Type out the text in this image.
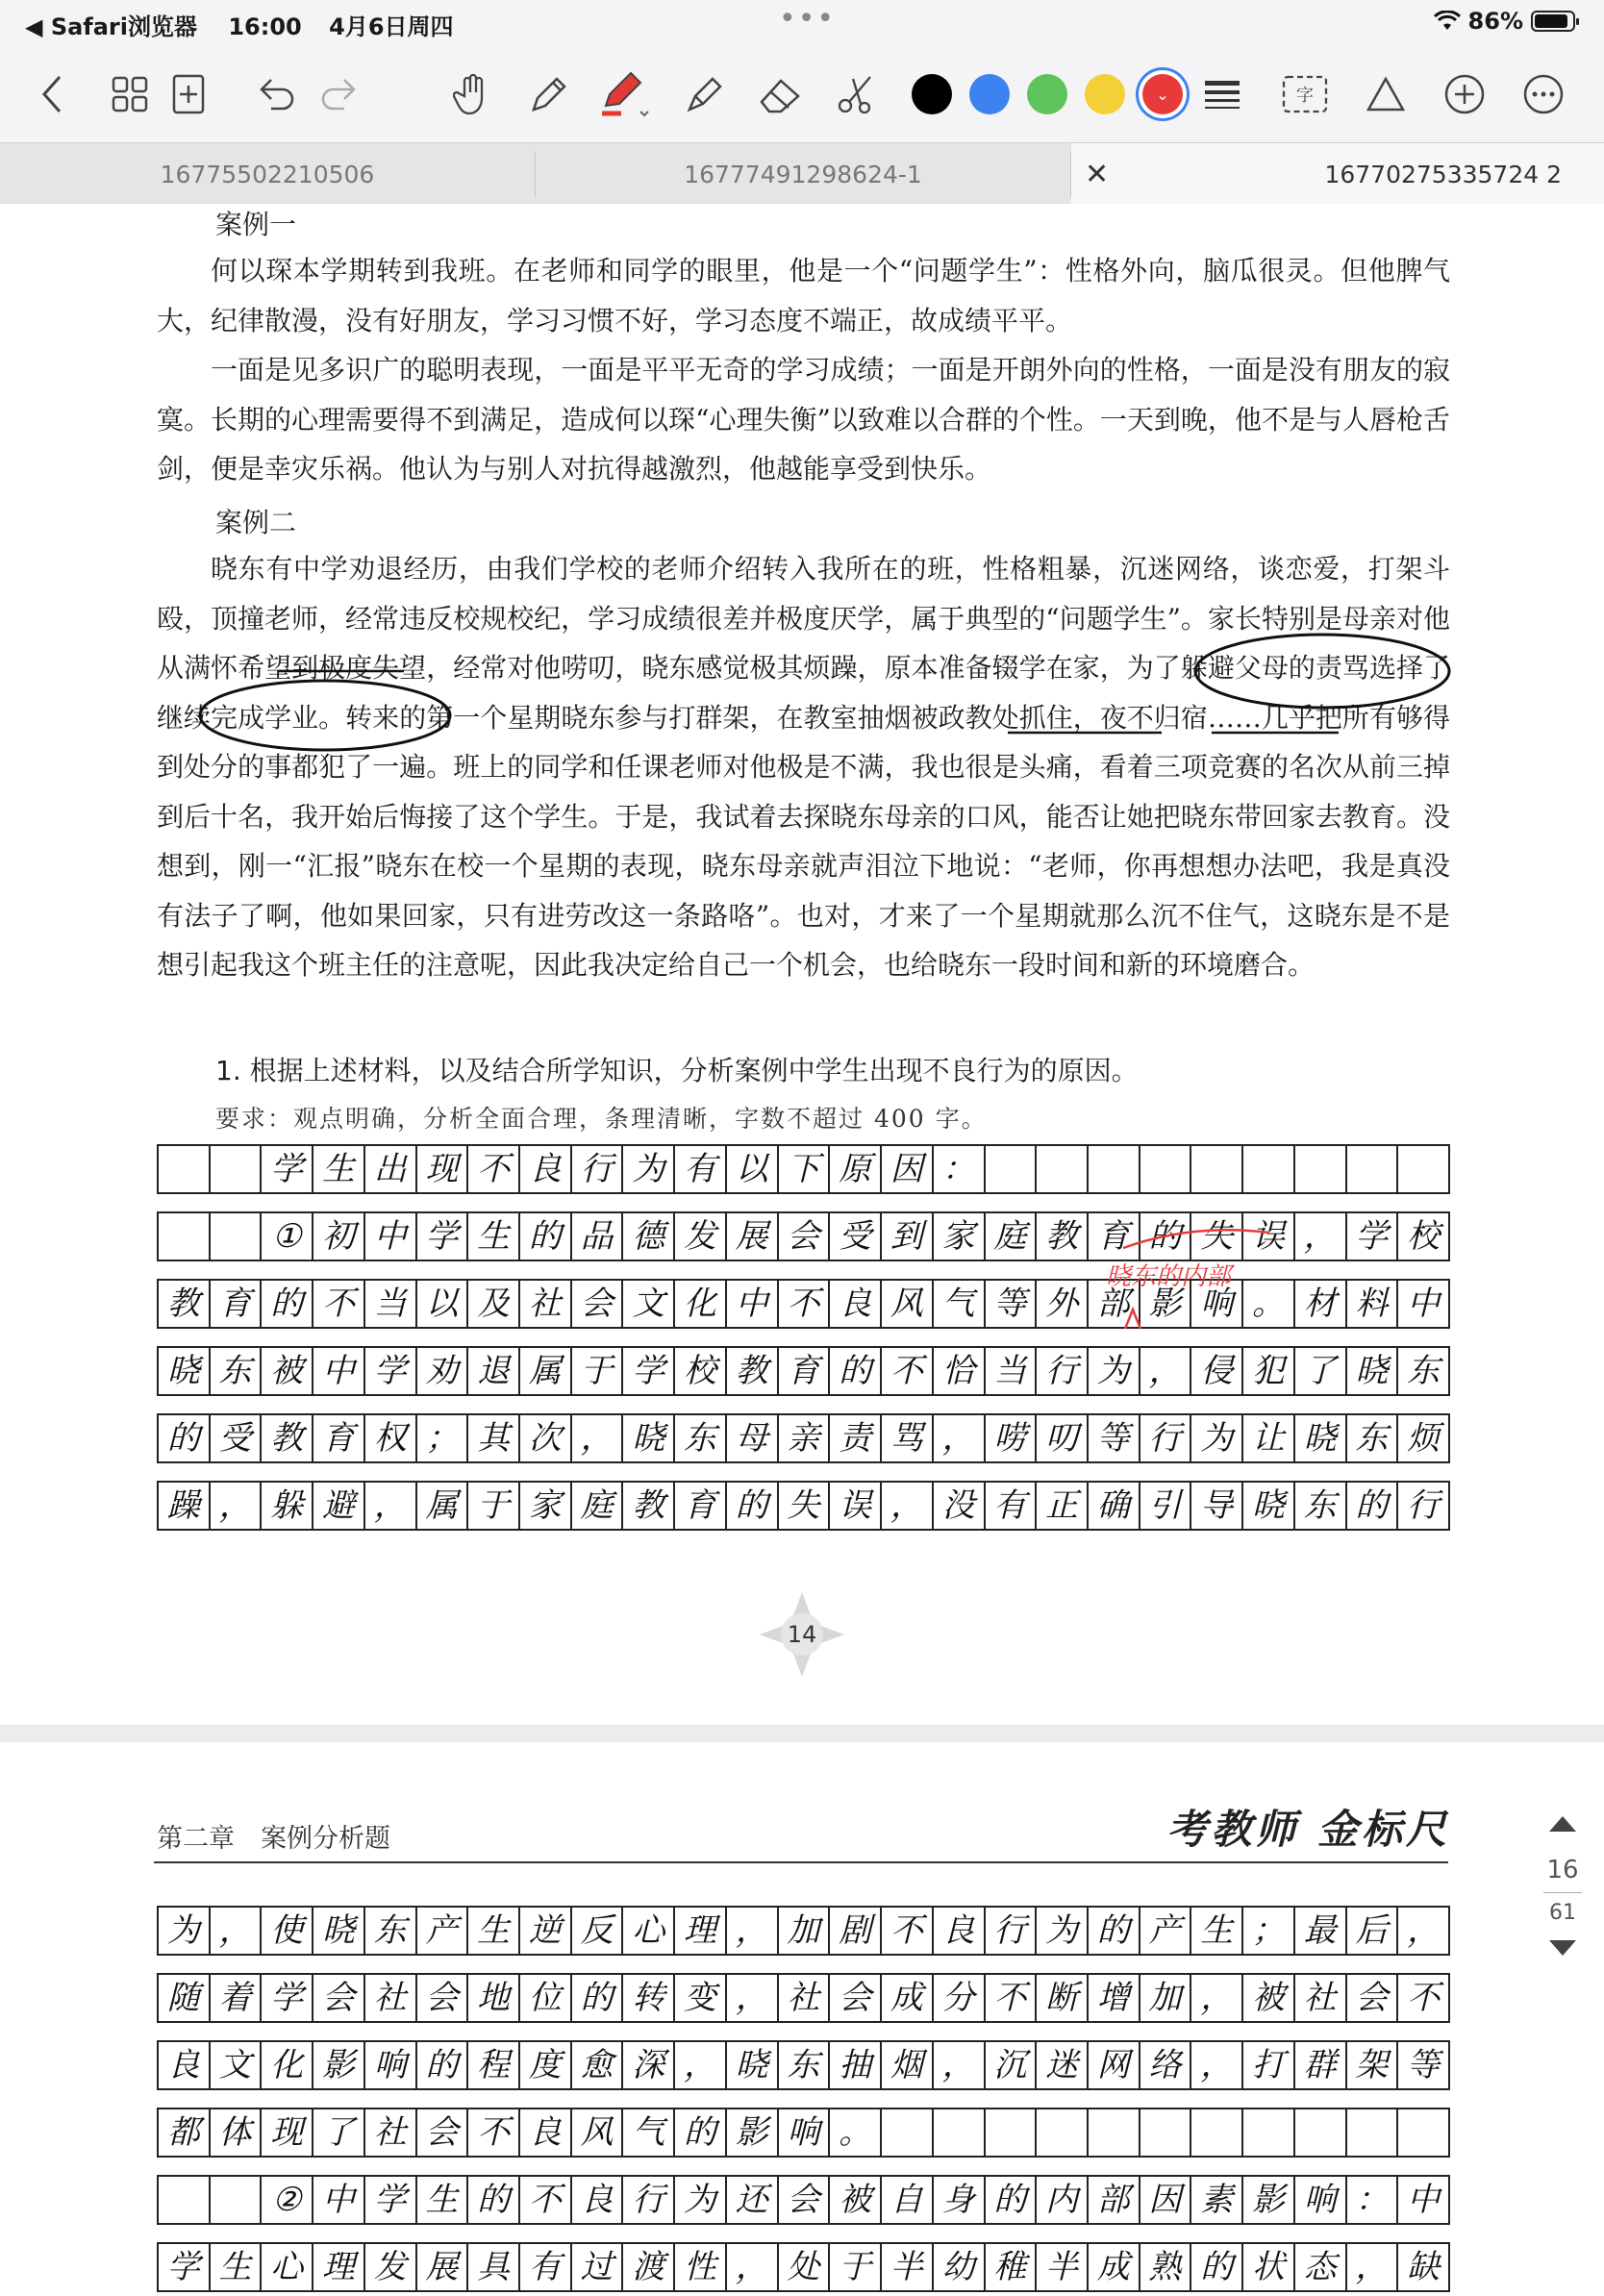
◀ Safari浏览器 16:00 4月6日周四	•••	86%
⌄	字
16775502210506	16777491298624-1	✕	16770275335724 2
案例一

何以琛本学期转到我班。在老师和同学的眼里，他是一个“问题学生”：性格外向，脑瓜很灵。但他脾气大，纪律散漫，没有好朋友，学习习惯不好，学习态度不端正，故成绩平平。

一面是见多识广的聪明表现，一面是平平无奇的学习成绩；一面是开朗外向的性格，一面是没有朋友的寂寞。长期的心理需要得不到满足，造成何以琛“心理失衡”以致难以合群的个性。一天到晚，他不是与人唇枪舌剑，便是幸灾乐祸。他认为与别人对抗得越激烈，他越能享受到快乐。

案例二

晓东有中学劝退经历，由我们学校的老师介绍转入我所在的班，性格粗暴，沉迷网络，谈恋爱，打架斗殴，顶撞老师，经常违反校规校纪，学习成绩很差并极度厌学，属于典型的“问题学生”。家长特别是母亲对他从满怀希望到极度失望，经常对他唠叨，晓东感觉极其烦躁，原本准备辍学在家，为了躲避父母的责骂选择了继续完成学业。转来的第一个星期晓东参与打群架，在教室抽烟被政教处抓住，夜不归宿……几乎把所有够得到处分的事都犯了一遍。班上的同学和任课老师对他极是不满，我也很是头痛，看着三项竞赛的名次从前三掉到后十名，我开始后悔接了这个学生。于是，我试着去探晓东母亲的口风，能否让她把晓东带回家去教育。没想到，刚一“汇报”晓东在校一个星期的表现，晓东母亲就声泪泣下地说：“老师，你再想想办法吧，我是真没有法子了啊，他如果回家，只有进劳改这一条路咯”。也对，才来了一个星期就那么沉不住气，这晓东是不是想引起我这个班主任的注意呢，因此我决定给自己一个机会，也给晓东一段时间和新的环境磨合。

1. 根据上述材料，以及结合所学知识，分析案例中学生出现不良行为的原因。
要求：观点明确，分析全面合理，条理清晰，字数不超过 400 字。
学 生 出 现 不 良 行 为 有 以 下 原 因 ：
① 初 中 学 生 的 品 德 发 展 会 受 到 家 庭 教 育 的 失 误 ， 学 校
教 育 的 不 当 以 及 社 会 文 化 中 不 良 风 气 等 外 部 影 响 。 材 料 中
晓 东 被 中 学 劝 退 属 于 学 校 教 育 的 不 恰 当 行 为 ， 侵 犯 了 晓 东
的 受 教 育 权 ； 其 次 ， 晓 东 母 亲 责 骂 ， 唠 叨 等 行 为 让 晓 东 烦
躁 ， 躲 避 ， 属 于 家 庭 教 育 的 失 误 ， 没 有 正 确 引 导 晓 东 的 行
晓东的内部
14
第二章　案例分析题	考教师 金标尺
为 ， 使 晓 东 产 生 逆 反 心 理 ， 加 剧 不 良 行 为 的 产 生 ； 最 后 ，
随 着 学 会 社 会 地 位 的 转 变 ， 社 会 成 分 不 断 增 加 ， 被 社 会 不
良 文 化 影 响 的 程 度 愈 深 ， 晓 东 抽 烟 ， 沉 迷 网 络 ， 打 群 架 等
都 体 现 了 社 会 不 良 风 气 的 影 响 。
② 中 学 生 的 不 良 行 为 还 会 被 自 身 的 内 部 因 素 影 响 ： 中
学 生 心 理 发 展 具 有 过 渡 性 ， 处 于 半 幼 稚 半 成 熟 的 状 态 ， 缺
16
61
